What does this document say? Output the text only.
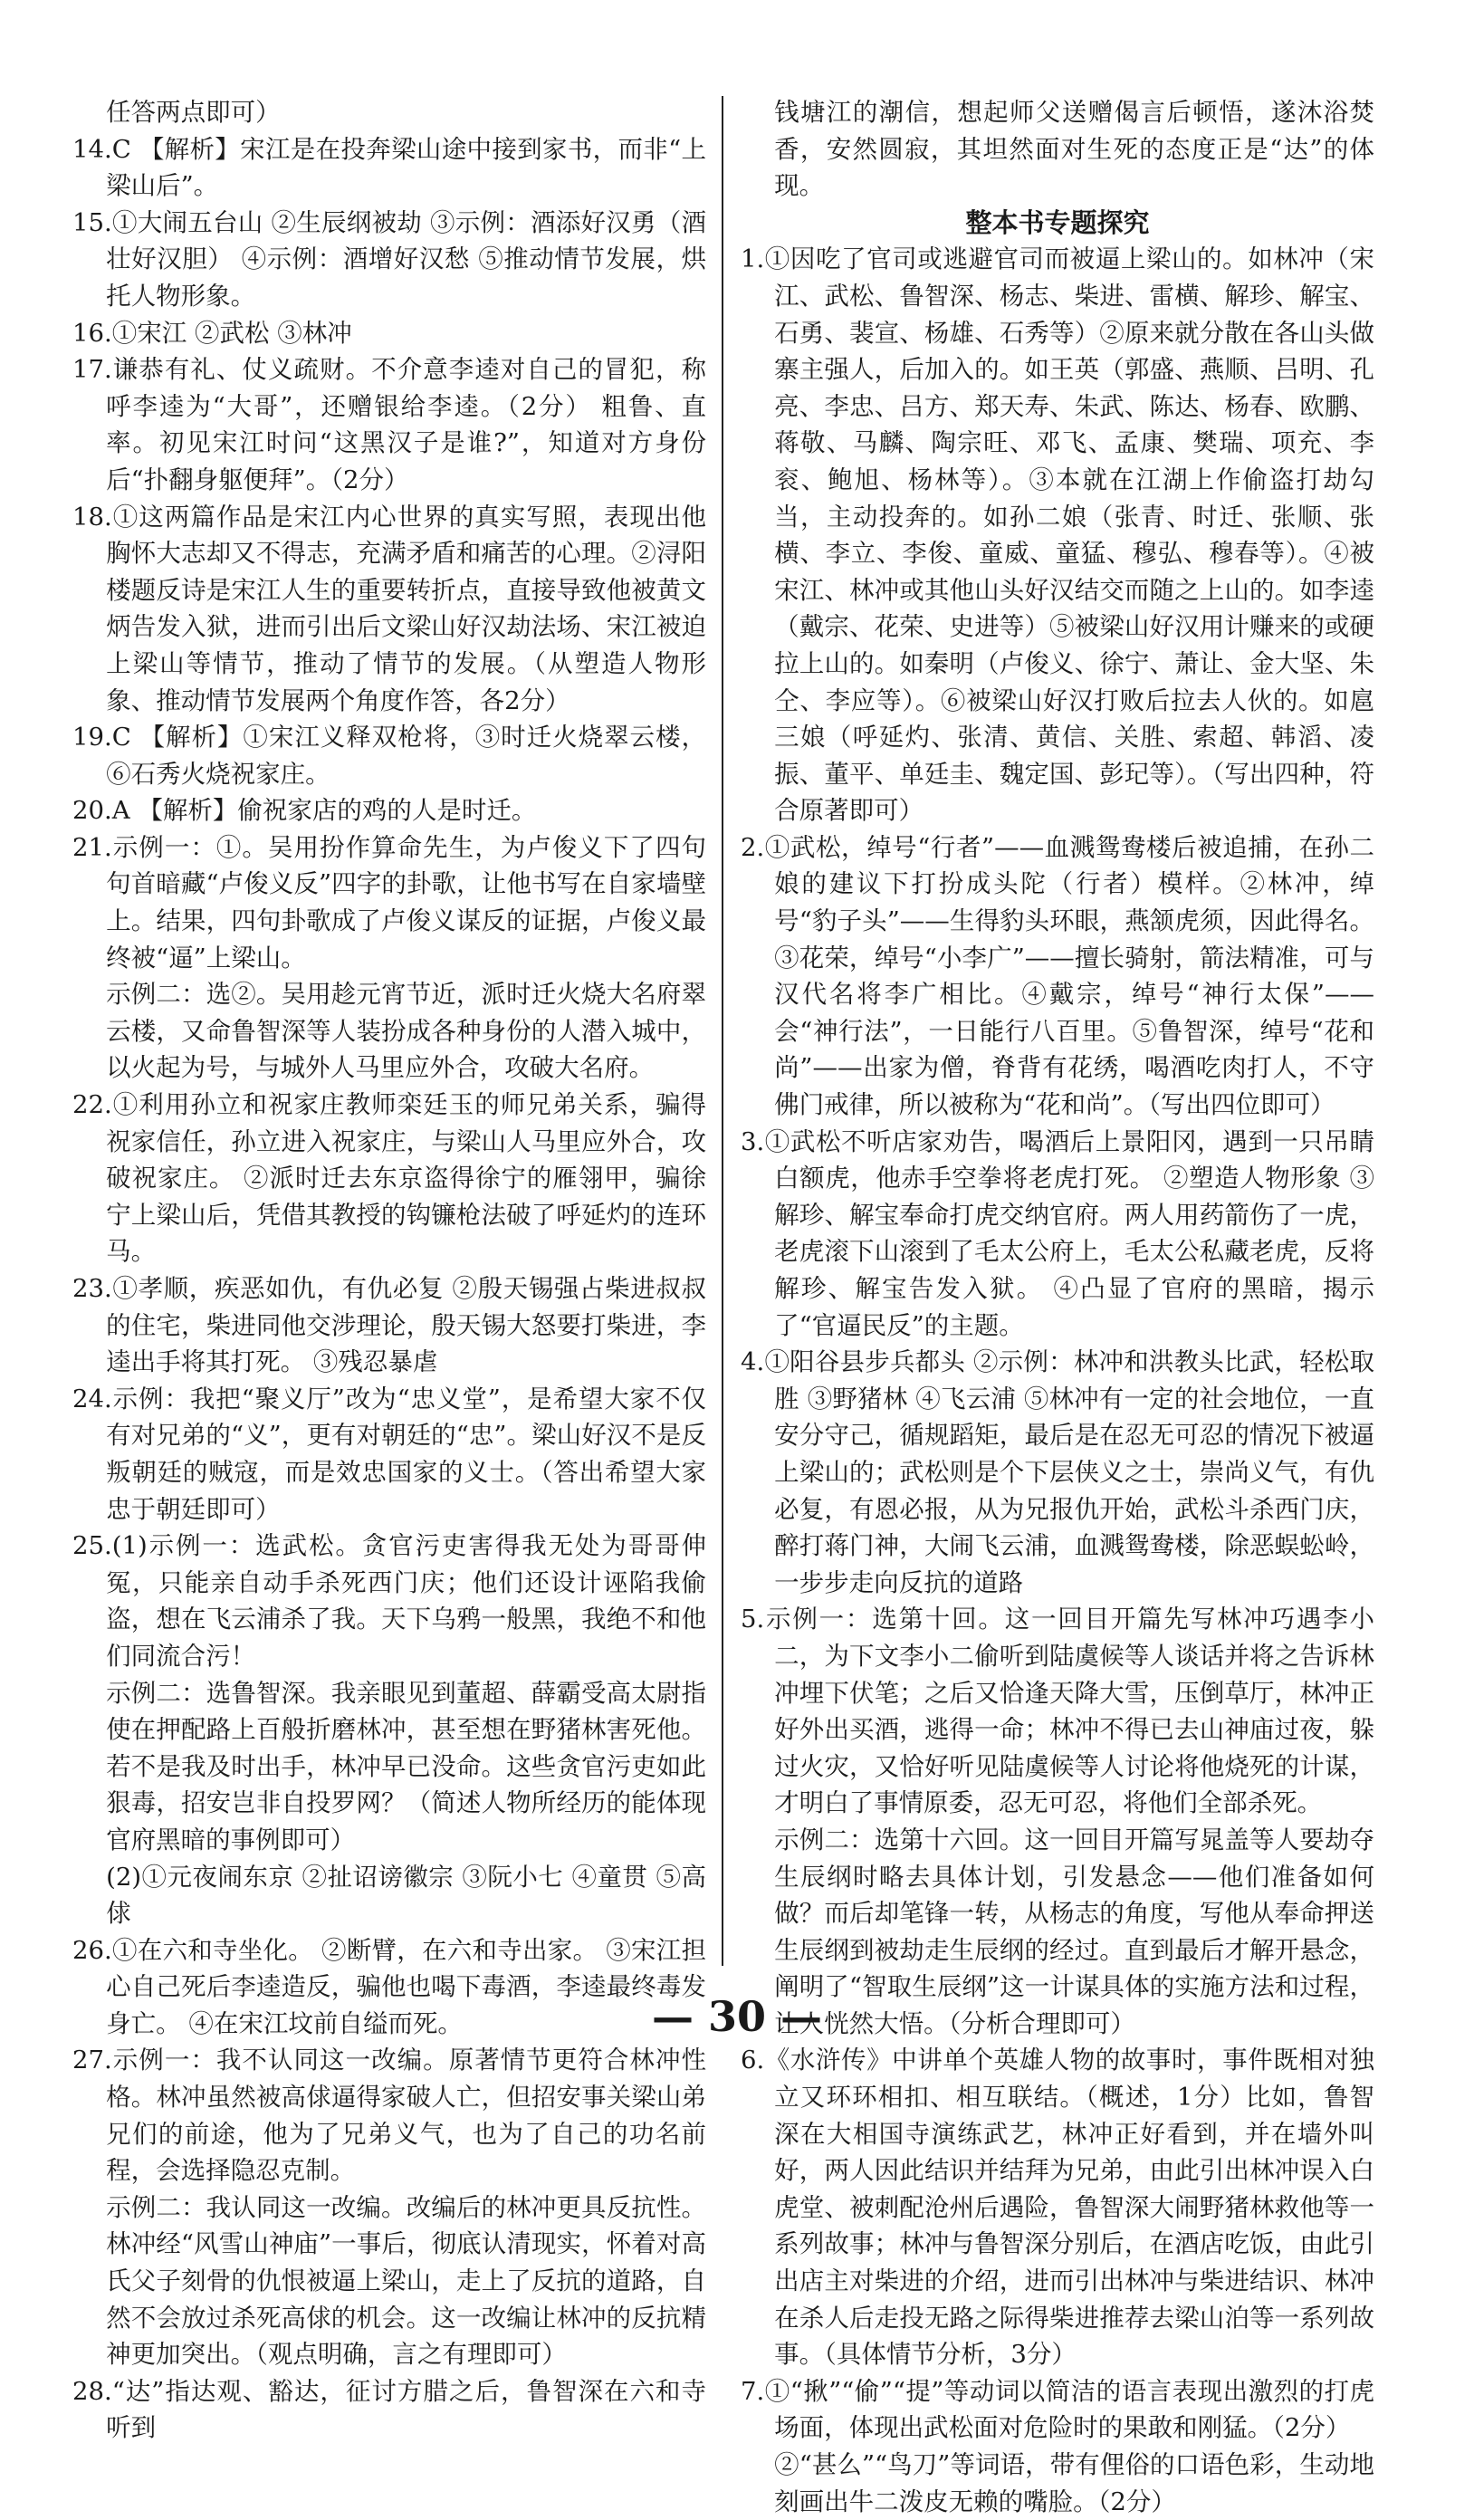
任答两点即可）

14.C 【解析】宋江是在投奔梁山途中接到家书，而非“上梁山后”。

15.①大闹五台山 ②生辰纲被劫 ③示例：酒添好汉勇（酒壮好汉胆） ④示例：酒增好汉愁 ⑤推动情节发展，烘托人物形象。

16.①宋江 ②武松 ③林冲

17.谦恭有礼、仗义疏财。不介意李逵对自己的冒犯，称呼李逵为“大哥”，还赠银给李逵。（2分） 粗鲁、直率。初见宋江时问“这黑汉子是谁?”，知道对方身份后“扑翻身躯便拜”。（2分）

18.①这两篇作品是宋江内心世界的真实写照，表现出他胸怀大志却又不得志，充满矛盾和痛苦的心理。②浔阳楼题反诗是宋江人生的重要转折点，直接导致他被黄文炳告发入狱，进而引出后文梁山好汉劫法场、宋江被迫上梁山等情节，推动了情节的发展。（从塑造人物形象、推动情节发展两个角度作答，各2分）

19.C 【解析】①宋江义释双枪将，③时迁火烧翠云楼，⑥石秀火烧祝家庄。

20.A 【解析】偷祝家店的鸡的人是时迁。

21.示例一：①。吴用扮作算命先生，为卢俊义下了四句句首暗藏“卢俊义反”四字的卦歌，让他书写在自家墙壁上。结果，四句卦歌成了卢俊义谋反的证据，卢俊义最终被“逼”上梁山。

示例二：选②。吴用趁元宵节近，派时迁火烧大名府翠云楼，又命鲁智深等人装扮成各种身份的人潜入城中，以火起为号，与城外人马里应外合，攻破大名府。

22.①利用孙立和祝家庄教师栾廷玉的师兄弟关系，骗得祝家信任，孙立进入祝家庄，与梁山人马里应外合，攻破祝家庄。 ②派时迁去东京盗得徐宁的雁翎甲，骗徐宁上梁山后，凭借其教授的钩镰枪法破了呼延灼的连环马。

23.①孝顺，疾恶如仇，有仇必复 ②殷天锡强占柴进叔叔的住宅，柴进同他交涉理论，殷天锡大怒要打柴进，李逵出手将其打死。 ③残忍暴虐

24.示例：我把“聚义厅”改为“忠义堂”，是希望大家不仅有对兄弟的“义”，更有对朝廷的“忠”。梁山好汉不是反叛朝廷的贼寇，而是效忠国家的义士。（答出希望大家忠于朝廷即可）

25.(1)示例一：选武松。贪官污吏害得我无处为哥哥伸冤，只能亲自动手杀死西门庆；他们还设计诬陷我偷盗，想在飞云浦杀了我。天下乌鸦一般黑，我绝不和他们同流合污！

示例二：选鲁智深。我亲眼见到董超、薛霸受高太尉指使在押配路上百般折磨林冲，甚至想在野猪林害死他。若不是我及时出手，林冲早已没命。这些贪官污吏如此狠毒，招安岂非自投罗网？（简述人物所经历的能体现官府黑暗的事例即可）

(2)①元夜闹东京 ②扯诏谤徽宗 ③阮小七 ④童贯 ⑤高俅

26.①在六和寺坐化。 ②断臂，在六和寺出家。 ③宋江担心自己死后李逵造反，骗他也喝下毒酒，李逵最终毒发身亡。 ④在宋江坟前自缢而死。

27.示例一：我不认同这一改编。原著情节更符合林冲性格。林冲虽然被高俅逼得家破人亡，但招安事关梁山弟兄们的前途，他为了兄弟义气，也为了自己的功名前程，会选择隐忍克制。

示例二：我认同这一改编。改编后的林冲更具反抗性。林冲经“风雪山神庙”一事后，彻底认清现实，怀着对高氏父子刻骨的仇恨被逼上梁山，走上了反抗的道路，自然不会放过杀死高俅的机会。这一改编让林冲的反抗精神更加突出。（观点明确，言之有理即可）

28.“达”指达观、豁达，征讨方腊之后，鲁智深在六和寺听到

钱塘江的潮信，想起师父送赠偈言后顿悟，遂沐浴焚香，安然圆寂，其坦然面对生死的态度正是“达”的体现。

整本书专题探究

1.①因吃了官司或逃避官司而被逼上梁山的。如林冲（宋江、武松、鲁智深、杨志、柴进、雷横、解珍、解宝、石勇、裴宣、杨雄、石秀等）②原来就分散在各山头做寨主强人，后加入的。如王英（郭盛、燕顺、吕明、孔亮、李忠、吕方、郑天寿、朱武、陈达、杨春、欧鹏、蒋敬、马麟、陶宗旺、邓飞、孟康、樊瑞、项充、李衮、鲍旭、杨林等）。③本就在江湖上作偷盗打劫勾当，主动投奔的。如孙二娘（张青、时迁、张顺、张横、李立、李俊、童威、童猛、穆弘、穆春等）。④被宋江、林冲或其他山头好汉结交而随之上山的。如李逵（戴宗、花荣、史进等）⑤被梁山好汉用计赚来的或硬拉上山的。如秦明（卢俊义、徐宁、萧让、金大坚、朱仝、李应等）。⑥被梁山好汉打败后拉去人伙的。如扈三娘（呼延灼、张清、黄信、关胜、索超、韩滔、凌振、董平、单廷圭、魏定国、彭玘等）。（写出四种，符合原著即可）

2.①武松，绰号“行者”——血溅鸳鸯楼后被追捕，在孙二娘的建议下打扮成头陀（行者）模样。②林冲，绰号“豹子头”——生得豹头环眼，燕颔虎须，因此得名。③花荣，绰号“小李广”——擅长骑射，箭法精准，可与汉代名将李广相比。④戴宗，绰号“神行太保”——会“神行法”，一日能行八百里。⑤鲁智深，绰号“花和尚”——出家为僧，脊背有花绣，喝酒吃肉打人，不守佛门戒律，所以被称为“花和尚”。（写出四位即可）

3.①武松不听店家劝告，喝酒后上景阳冈，遇到一只吊睛白额虎，他赤手空拳将老虎打死。 ②塑造人物形象 ③解珍、解宝奉命打虎交纳官府。两人用药箭伤了一虎，老虎滚下山滚到了毛太公府上，毛太公私藏老虎，反将解珍、解宝告发入狱。 ④凸显了官府的黑暗，揭示了“官逼民反”的主题。

4.①阳谷县步兵都头 ②示例：林冲和洪教头比武，轻松取胜 ③野猪林 ④飞云浦 ⑤林冲有一定的社会地位，一直安分守己，循规蹈矩，最后是在忍无可忍的情况下被逼上梁山的；武松则是个下层侠义之士，崇尚义气，有仇必复，有恩必报，从为兄报仇开始，武松斗杀西门庆，醉打蒋门神，大闹飞云浦，血溅鸳鸯楼，除恶蜈蚣岭，一步步走向反抗的道路

5.示例一：选第十回。这一回目开篇先写林冲巧遇李小二，为下文李小二偷听到陆虞候等人谈话并将之告诉林冲埋下伏笔；之后又恰逢天降大雪，压倒草厅，林冲正好外出买酒，逃得一命；林冲不得已去山神庙过夜，躲过火灾，又恰好听见陆虞候等人讨论将他烧死的计谋，才明白了事情原委，忍无可忍，将他们全部杀死。

示例二：选第十六回。这一回目开篇写晁盖等人要劫夺生辰纲时略去具体计划，引发悬念——他们准备如何做？而后却笔锋一转，从杨志的角度，写他从奉命押送生辰纲到被劫走生辰纲的经过。直到最后才解开悬念，阐明了“智取生辰纲”这一计谋具体的实施方法和过程，让人恍然大悟。（分析合理即可）

6.《水浒传》中讲单个英雄人物的故事时，事件既相对独立又环环相扣、相互联结。（概述，1分）比如，鲁智深在大相国寺演练武艺，林冲正好看到，并在墙外叫好，两人因此结识并结拜为兄弟，由此引出林冲误入白虎堂、被刺配沧州后遇险，鲁智深大闹野猪林救他等一系列故事；林冲与鲁智深分别后，在酒店吃饭，由此引出店主对柴进的介绍，进而引出林冲与柴进结识、林冲在杀人后走投无路之际得柴进推荐去梁山泊等一系列故事。（具体情节分析，3分）

7.①“揪”“偷”“提”等动词以简洁的语言表现出激烈的打虎场面，体现出武松面对危险时的果敢和刚猛。（2分）

②“甚么”“鸟刀”等词语，带有俚俗的口语色彩，生动地刻画出牛二泼皮无赖的嘴脸。（2分）

— 30 —
